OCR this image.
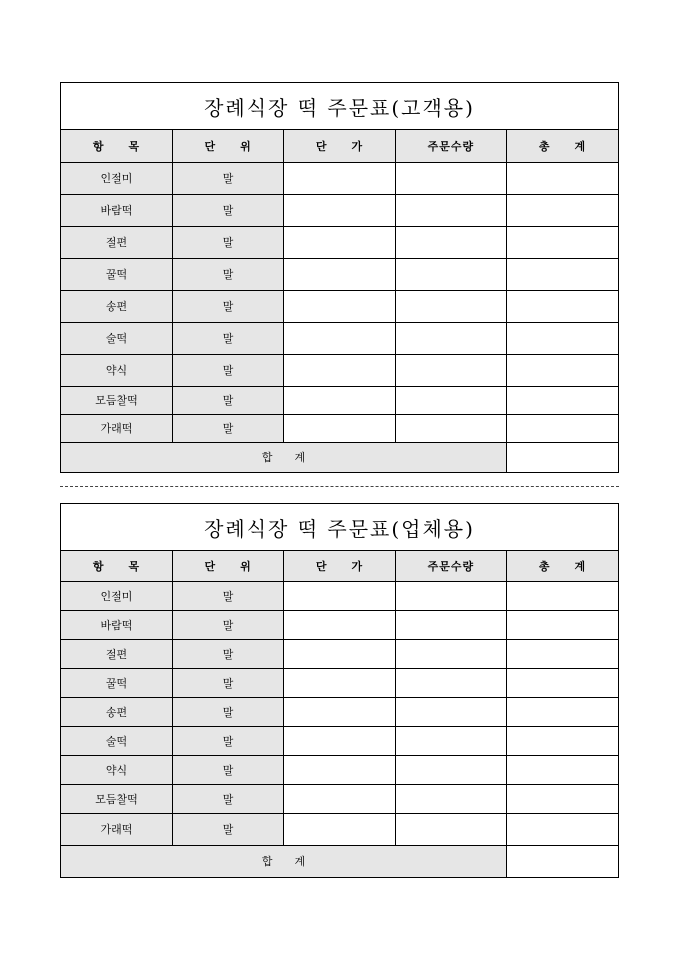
장례식장 떡 주문표(고객용)
항　　목	단　　위	단　　가	주문수량	총　　계
인절미	말			
바람떡	말			
절편	말			
꿀떡	말			
송편	말			
술떡	말			
약식	말			
모듬찰떡	말			
가래떡	말			
합　　계				
장례식장 떡 주문표(업체용)
항　　목	단　　위	단　　가	주문수량	총　　계
인절미	말			
바람떡	말			
절편	말			
꿀떡	말			
송편	말			
술떡	말			
약식	말			
모듬찰떡	말			
가래떡	말			
합　　계				
